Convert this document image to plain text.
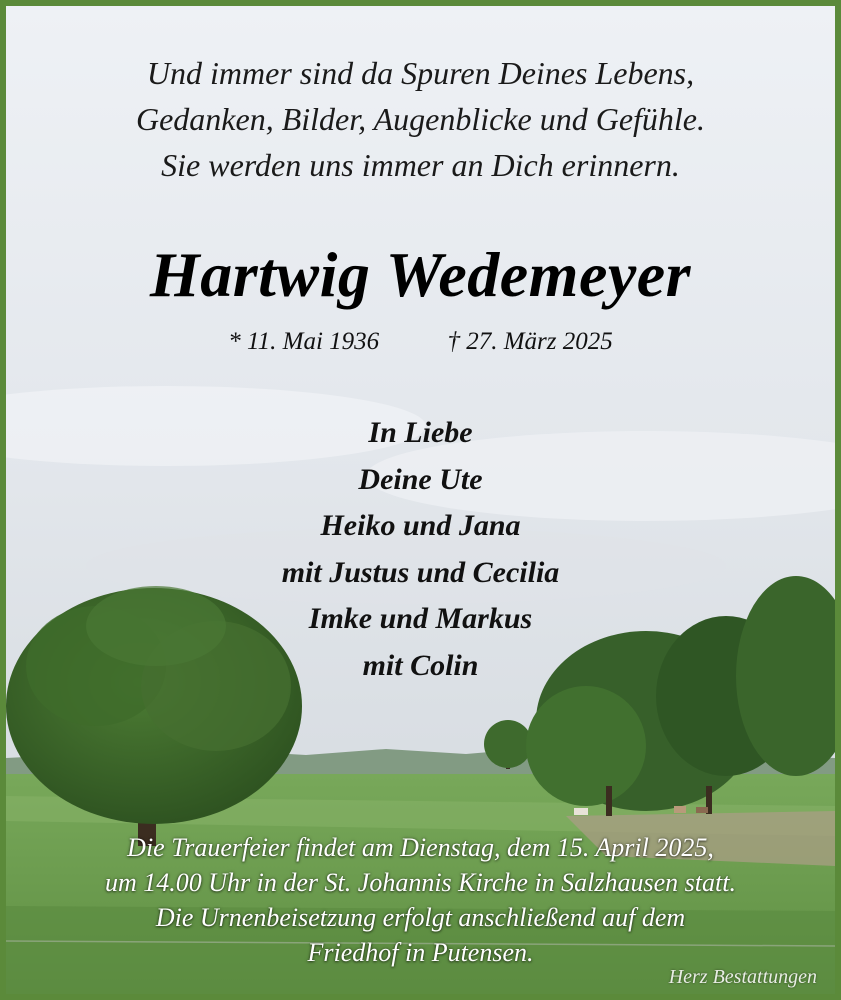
Und immer sind da Spuren Deines Lebens,
Gedanken, Bilder, Augenblicke und Gefühle.
Sie werden uns immer an Dich erinnern.

Hartwig Wedemeyer

* 11. Mai 1936	† 27. März 2025

In Liebe
Deine Ute
Heiko und Jana
mit Justus und Cecilia
Imke und Markus
mit Colin

Die Trauerfeier findet am Dienstag, dem 15. April 2025,
um 14.00 Uhr in der St. Johannis Kirche in Salzhausen statt.
Die Urnenbeisetzung erfolgt anschließend auf dem
Friedhof in Putensen.

Herz Bestattungen
